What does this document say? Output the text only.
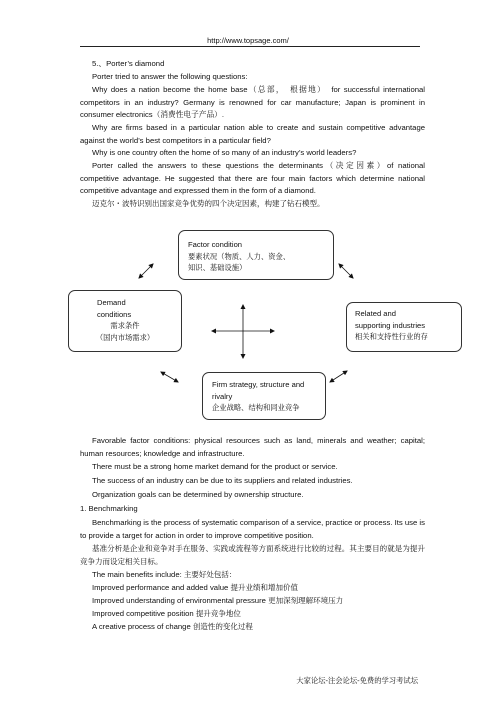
http://www.topsage.com/

5.、Porter’s diamond

Porter tried to answer the following questions:

Why does a nation become the home base（总部，　根据地）　for successful international competitors in an industry? Germany is renowned for car manufacture; Japan is prominent in consumer electronics（消费性电子产品）.

Why are firms based in a particular nation able to create and sustain competitive advantage against the world’s best competitors in a particular field?

Why is one country often the home of so many of an industry’s world leaders?

Porter called the answers to these questions the determinants（决定因素）of national competitive advantage. He suggested that there are four main factors which determine national competitive advantage and expressed them in the form of a diamond.

迈克尔・波特识别出国家竞争优势的四个决定因素，构建了钻石模型。

Factor condition
要素状况（物质、人力、资金、
知识、基础设施）
Demand
conditions
需求条件
（国内市场需求）
Related and
supporting industries
相关和支持性行业的存
Firm strategy, structure and
rivalry
企业战略、结构和同业竞争

Favorable factor conditions: physical resources such as land, minerals and weather; capital; human resources; knowledge and infrastructure.

There must be a strong home market demand for the product or service.

The success of an industry can be due to its suppliers and related industries.

Organization goals can be determined by ownership structure.

1. Benchmarking

Benchmarking is the process of systematic comparison of a service, practice or process. Its use is to provide a target for action in order to improve competitive position.

基准分析是企业和竞争对手在服务、实践或流程等方面系统进行比较的过程。其主要目的就是为提升竞争力而设定相关目标。

The main benefits include: 主要好处包括：

Improved performance and added value 提升业绩和增加价值

Improved understanding of environmental pressure 更加深刻理解环境压力

Improved competitive position 提升竞争地位

A creative process of change 创造性的变化过程

大家论坛-注会论坛-免费的学习考试坛
